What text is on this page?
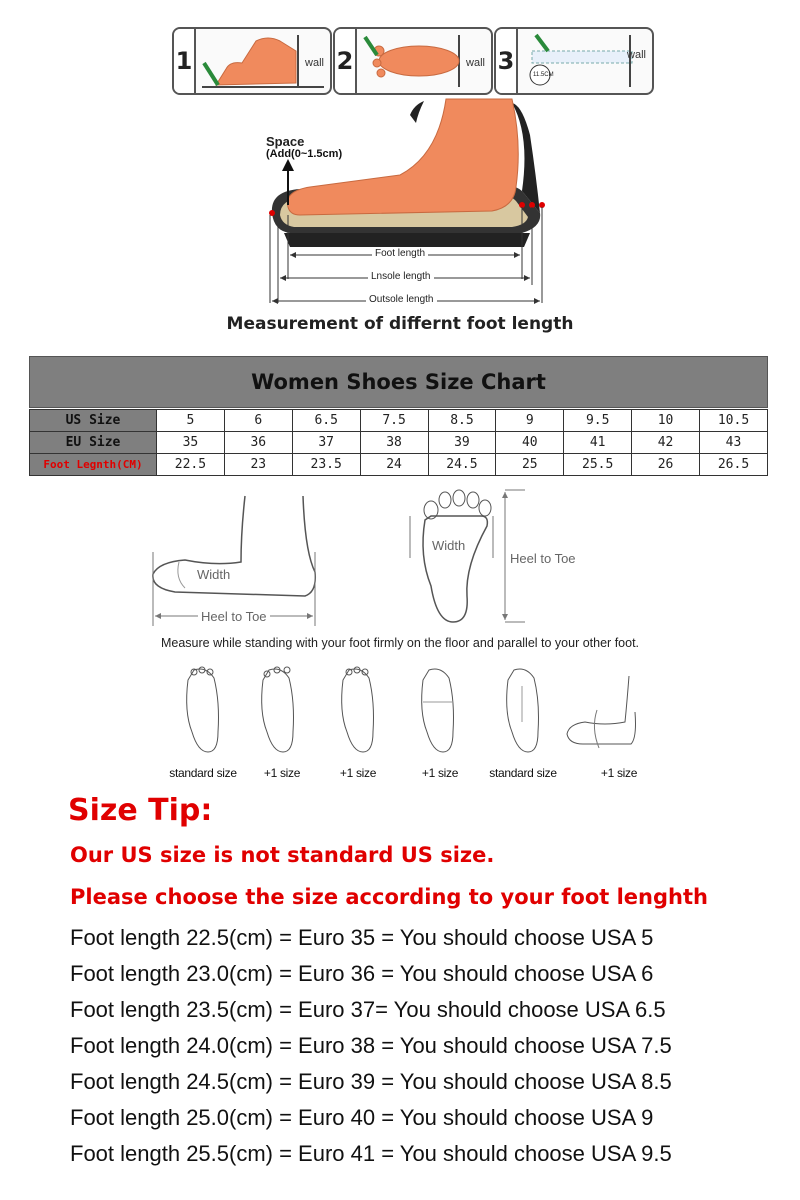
1	wall 2	wall 3	11.5CM
wall
Space
(Add(0~1.5cm)
Foot length
Lnsole length
Outsole length
Measurement of differnt foot length
Women Shoes Size Chart
US Size	5	6	6.5	7.5	8.5	9	9.5	10	10.5
EU Size	35	36	37	38	39	40	41	42	43
Foot Legnth(CM)	22.5	23	23.5	24	24.5	25	25.5	26	26.5
Width
Heel to Toe
Width
Heel to Toe
Measure while standing with your foot firmly on the floor and parallel to your other foot.
standard size	+1 size	+1 size	+1 size	standard size	+1 size
Size Tip:
Our US size is not standard US size.
Please choose the size according to your foot lenghth
Foot length 22.5(cm) = Euro 35 = You should choose USA 5
Foot length 23.0(cm) = Euro 36 = You should choose USA 6
Foot length 23.5(cm) = Euro 37= You should choose USA 6.5
Foot length 24.0(cm) = Euro 38 = You should choose USA 7.5
Foot length 24.5(cm) = Euro 39 = You should choose USA 8.5
Foot length 25.0(cm) = Euro 40 = You should choose USA 9
Foot length 25.5(cm) = Euro 41 = You should choose USA 9.5
